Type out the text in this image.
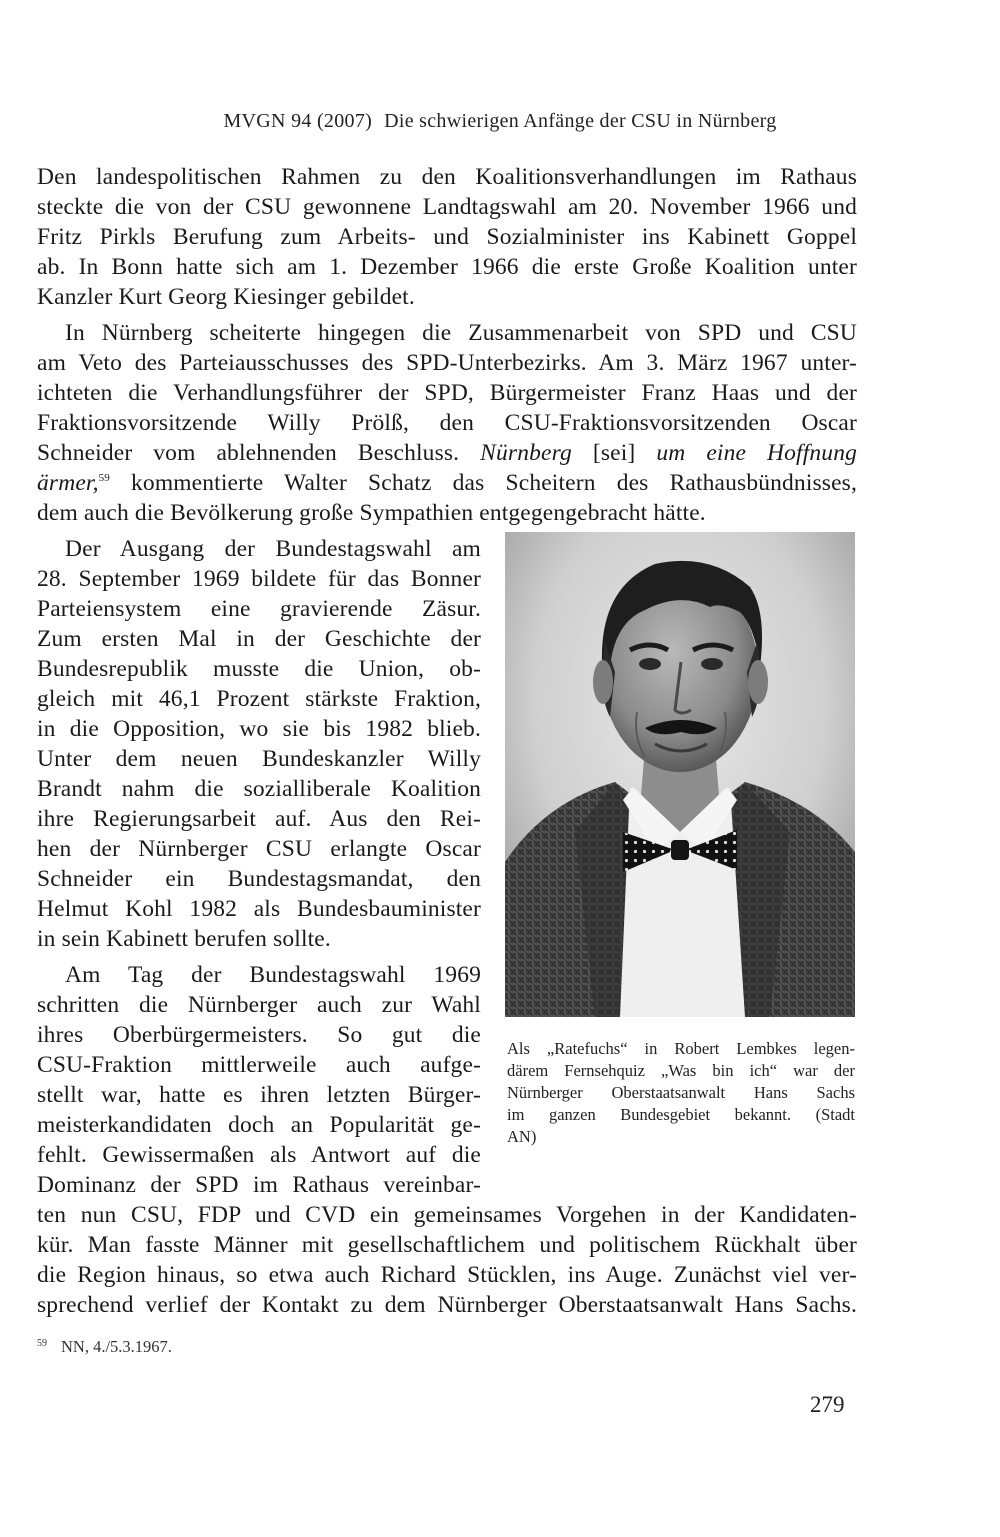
MVGN 94 (2007) Die schwierigen Anfänge der CSU in Nürnberg
Den landespolitischen Rahmen zu den Koalitionsverhandlungen im Rathaus
steckte die von der CSU gewonnene Landtagswahl am 20. November 1966 und
Fritz Pirkls Berufung zum Arbeits- und Sozialminister ins Kabinett Goppel
ab. In Bonn hatte sich am 1. Dezember 1966 die erste Große Koalition unter
Kanzler Kurt Georg Kiesinger gebildet.
In Nürnberg scheiterte hingegen die Zusammenarbeit von SPD und CSU
am Veto des Parteiausschusses des SPD-Unterbezirks. Am 3. März 1967 unter-
ichteten die Verhandlungsführer der SPD, Bürgermeister Franz Haas und der
Fraktionsvorsitzende Willy Prölß, den CSU-Fraktionsvorsitzenden Oscar
Schneider vom ablehnenden Beschluss. Nürnberg [sei] um eine Hoffnung
ärmer,$^{59}$ kommentierte Walter Schatz das Scheitern des Rathausbündnisses,
dem auch die Bevölkerung große Sympathien entgegengebracht hätte.
Der Ausgang der Bundestagswahl am
28. September 1969 bildete für das Bonner
Parteiensystem eine gravierende Zäsur.
Zum ersten Mal in der Geschichte der
Bundesrepublik musste die Union, ob-
gleich mit 46,1 Prozent stärkste Fraktion,
in die Opposition, wo sie bis 1982 blieb.
Unter dem neuen Bundeskanzler Willy
Brandt nahm die sozialliberale Koalition
ihre Regierungsarbeit auf. Aus den Rei-
hen der Nürnberger CSU erlangte Oscar
Schneider ein Bundestagsmandat, den
Helmut Kohl 1982 als Bundesbauminister
in sein Kabinett berufen sollte.
Am Tag der Bundestagswahl 1969
schritten die Nürnberger auch zur Wahl
ihres Oberbürgermeisters. So gut die
CSU-Fraktion mittlerweile auch aufge-
stellt war, hatte es ihren letzten Bürger-
meisterkandidaten doch an Popularität ge-
fehlt. Gewissermaßen als Antwort auf die
Dominanz der SPD im Rathaus vereinbar-
ten nun CSU, FDP und CVD ein gemeinsames Vorgehen in der Kandidaten-
kür. Man fasste Männer mit gesellschaftlichem und politischem Rückhalt über
die Region hinaus, so etwa auch Richard Stücklen, ins Auge. Zunächst viel ver-
sprechend verlief der Kontakt zu dem Nürnberger Oberstaatsanwalt Hans Sachs.
Als „Ratefuchs“ in Robert Lembkes legen-
därem Fernsehquiz „Was bin ich“ war der
Nürnberger Oberstaatsanwalt Hans Sachs
im ganzen Bundesgebiet bekannt. (Stadt
AN)
$^{59}$ NN, 4./5.3.1967.
279
